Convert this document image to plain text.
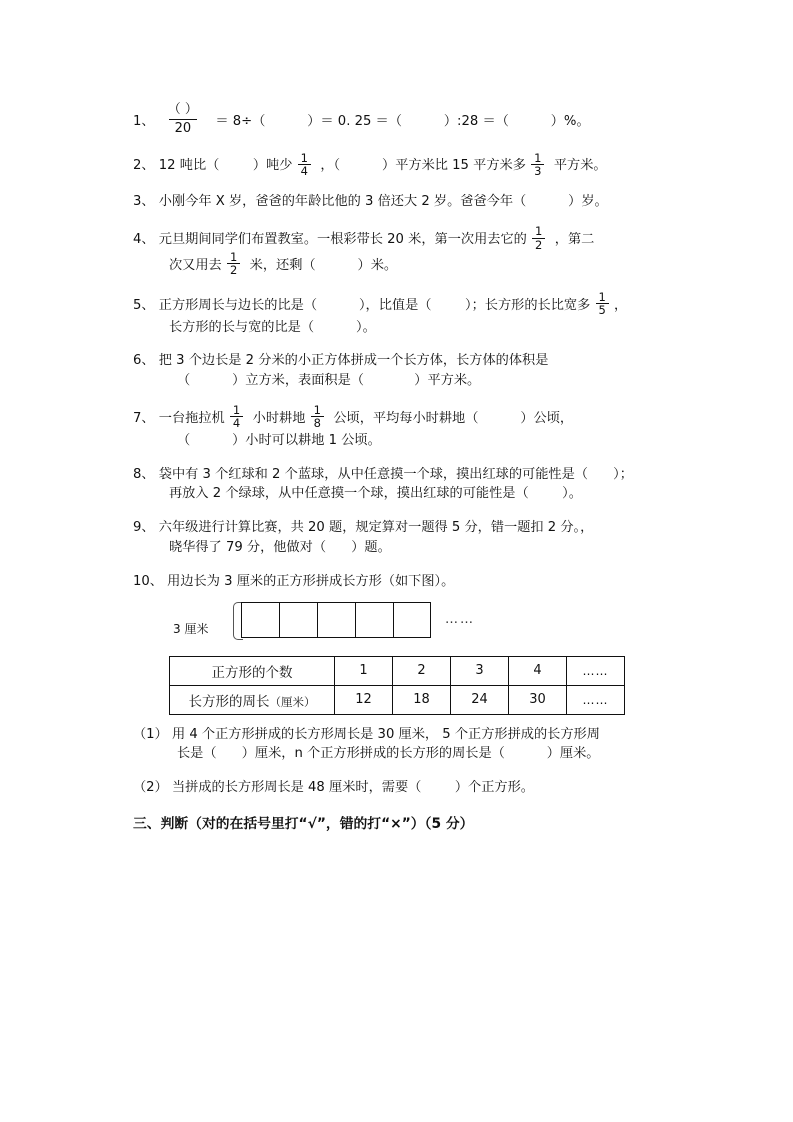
1、
（ ）
20	＝ 8÷（          ）＝ 0. 25 ＝（          ）:28 ＝（          ）%。
2、 12 吨比（        ）吨少 $\frac{1}{4}$ ，（          ）平方米比 15 平方米多 $\frac{1}{3}$ 平方米。
3、 小刚今年 X 岁，爸爸的年龄比他的 3 倍还大 2 岁。爸爸今年（          ）岁。
4、 元旦期间同学们布置教室。一根彩带长 20 米，第一次用去它的 $\frac{1}{2}$ ，第二
次又用去 $\frac{1}{2}$ 米，还剩（          ）米。
5、 正方形周长与边长的比是（          ），比值是（        ）；长方形的长比宽多 $\frac{1}{5}$ ，
长方形的长与宽的比是（          ）。
6、 把 3 个边长是 2 分米的小正方体拼成一个长方体，长方体的体积是
（          ）立方米，表面积是（            ）平方米。
7、 一台拖拉机 $\frac{1}{4}$ 小时耕地 $\frac{1}{8}$ 公顷，平均每小时耕地（          ）公顷，
（          ）小时可以耕地 1 公顷。
8、 袋中有 3 个红球和 2 个蓝球，从中任意摸一个球，摸出红球的可能性是（      ）；
再放入 2 个绿球，从中任意摸一个球，摸出红球的可能性是（        ）。
9、 六年级进行计算比赛，共 20 题，规定算对一题得 5 分，错一题扣 2 分。，
晓华得了 79 分，他做对（      ）题。
10、 用边长为 3 厘米的正方形拼成长方形（如下图）。
3 厘米
……
正方形的个数	1	2	3	4	……
长方形的周长（厘米）	12	18	24	30	……
（1） 用 4 个正方形拼成的长方形周长是 30 厘米， 5 个正方形拼成的长方形周
长是（      ）厘米，n 个正方形拼成的长方形的周长是（          ）厘米。
（2） 当拼成的长方形周长是 48 厘米时，需要（        ）个正方形。
三、判断（对的在括号里打“√”，错的打“×”）（5 分）
